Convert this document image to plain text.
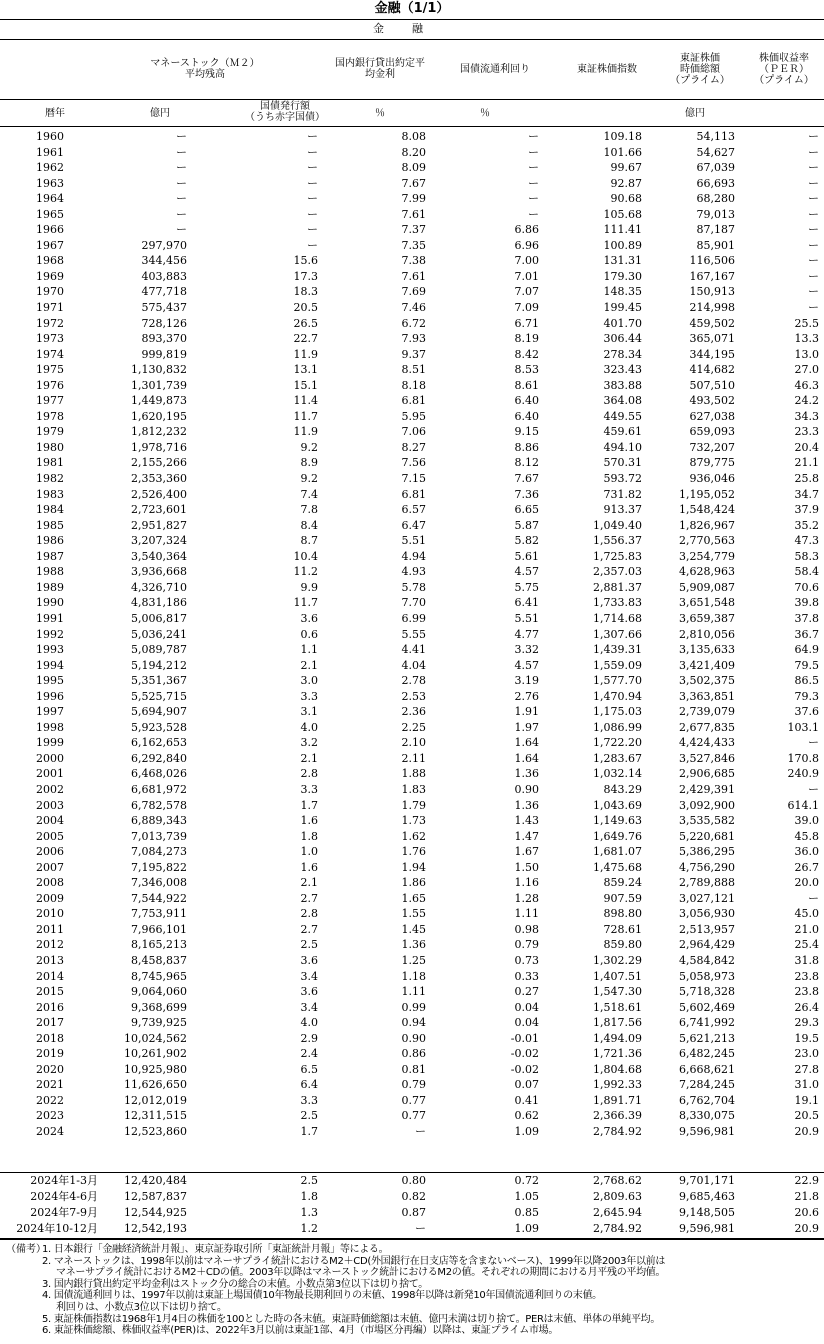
金融（1/1）
金融
マネーストック（Ｍ２）
平均残高
国内銀行貸出約定平
均金利	国債流通利回り	東証株価指数
東証株価
時価総額
（プライム）
株価収益率
（ＰＥＲ）
（プライム）
暦年	億円
国債発行額
（うち赤字国債）	％	％	億円
1960	ー	ー	8.08	ー	109.18	54,113	ー
1961	ー	ー	8.20	ー	101.66	54,627	ー
1962	ー	ー	8.09	ー	99.67	67,039	ー
1963	ー	ー	7.67	ー	92.87	66,693	ー
1964	ー	ー	7.99	ー	90.68	68,280	ー
1965	ー	ー	7.61	ー	105.68	79,013	ー
1966	ー	ー	7.37	6.86	111.41	87,187	ー
1967	297,970	ー	7.35	6.96	100.89	85,901	ー
1968	344,456	15.6	7.38	7.00	131.31	116,506	ー
1969	403,883	17.3	7.61	7.01	179.30	167,167	ー
1970	477,718	18.3	7.69	7.07	148.35	150,913	ー
1971	575,437	20.5	7.46	7.09	199.45	214,998	ー
1972	728,126	26.5	6.72	6.71	401.70	459,502	25.5
1973	893,370	22.7	7.93	8.19	306.44	365,071	13.3
1974	999,819	11.9	9.37	8.42	278.34	344,195	13.0
1975	1,130,832	13.1	8.51	8.53	323.43	414,682	27.0
1976	1,301,739	15.1	8.18	8.61	383.88	507,510	46.3
1977	1,449,873	11.4	6.81	6.40	364.08	493,502	24.2
1978	1,620,195	11.7	5.95	6.40	449.55	627,038	34.3
1979	1,812,232	11.9	7.06	9.15	459.61	659,093	23.3
1980	1,978,716	9.2	8.27	8.86	494.10	732,207	20.4
1981	2,155,266	8.9	7.56	8.12	570.31	879,775	21.1
1982	2,353,360	9.2	7.15	7.67	593.72	936,046	25.8
1983	2,526,400	7.4	6.81	7.36	731.82	1,195,052	34.7
1984	2,723,601	7.8	6.57	6.65	913.37	1,548,424	37.9
1985	2,951,827	8.4	6.47	5.87	1,049.40	1,826,967	35.2
1986	3,207,324	8.7	5.51	5.82	1,556.37	2,770,563	47.3
1987	3,540,364	10.4	4.94	5.61	1,725.83	3,254,779	58.3
1988	3,936,668	11.2	4.93	4.57	2,357.03	4,628,963	58.4
1989	4,326,710	9.9	5.78	5.75	2,881.37	5,909,087	70.6
1990	4,831,186	11.7	7.70	6.41	1,733.83	3,651,548	39.8
1991	5,006,817	3.6	6.99	5.51	1,714.68	3,659,387	37.8
1992	5,036,241	0.6	5.55	4.77	1,307.66	2,810,056	36.7
1993	5,089,787	1.1	4.41	3.32	1,439.31	3,135,633	64.9
1994	5,194,212	2.1	4.04	4.57	1,559.09	3,421,409	79.5
1995	5,351,367	3.0	2.78	3.19	1,577.70	3,502,375	86.5
1996	5,525,715	3.3	2.53	2.76	1,470.94	3,363,851	79.3
1997	5,694,907	3.1	2.36	1.91	1,175.03	2,739,079	37.6
1998	5,923,528	4.0	2.25	1.97	1,086.99	2,677,835	103.1
1999	6,162,653	3.2	2.10	1.64	1,722.20	4,424,433	ー
2000	6,292,840	2.1	2.11	1.64	1,283.67	3,527,846	170.8
2001	6,468,026	2.8	1.88	1.36	1,032.14	2,906,685	240.9
2002	6,681,972	3.3	1.83	0.90	843.29	2,429,391	ー
2003	6,782,578	1.7	1.79	1.36	1,043.69	3,092,900	614.1
2004	6,889,343	1.6	1.73	1.43	1,149.63	3,535,582	39.0
2005	7,013,739	1.8	1.62	1.47	1,649.76	5,220,681	45.8
2006	7,084,273	1.0	1.76	1.67	1,681.07	5,386,295	36.0
2007	7,195,822	1.6	1.94	1.50	1,475.68	4,756,290	26.7
2008	7,346,008	2.1	1.86	1.16	859.24	2,789,888	20.0
2009	7,544,922	2.7	1.65	1.28	907.59	3,027,121	ー
2010	7,753,911	2.8	1.55	1.11	898.80	3,056,930	45.0
2011	7,966,101	2.7	1.45	0.98	728.61	2,513,957	21.0
2012	8,165,213	2.5	1.36	0.79	859.80	2,964,429	25.4
2013	8,458,837	3.6	1.25	0.73	1,302.29	4,584,842	31.8
2014	8,745,965	3.4	1.18	0.33	1,407.51	5,058,973	23.8
2015	9,064,060	3.6	1.11	0.27	1,547.30	5,718,328	23.8
2016	9,368,699	3.4	0.99	0.04	1,518.61	5,602,469	26.4
2017	9,739,925	4.0	0.94	0.04	1,817.56	6,741,992	29.3
2018	10,024,562	2.9	0.90	-0.01	1,494.09	5,621,213	19.5
2019	10,261,902	2.4	0.86	-0.02	1,721.36	6,482,245	23.0
2020	10,925,980	6.5	0.81	-0.02	1,804.68	6,668,621	27.8
2021	11,626,650	6.4	0.79	0.07	1,992.33	7,284,245	31.0
2022	12,012,019	3.3	0.77	0.41	1,891.71	6,762,704	19.1
2023	12,311,515	2.5	0.77	0.62	2,366.39	8,330,075	20.5
2024	12,523,860	1.7	ー	1.09	2,784.92	9,596,981	20.9
2024年1-3月 12,420,484	2.5	0.80	0.72	2,768.62	9,701,171	22.9
2024年4-6月 12,587,837	1.8	0.82	1.05	2,809.63	9,685,463	21.8
2024年7-9月 12,544,925	1.3	0.87	0.85	2,645.94	9,148,505	20.6
2024年10-12月 12,542,193	1.2	ー	1.09	2,784.92	9,596,981	20.9
（備考）
1. 日本銀行「金融経済統計月報」、東京証券取引所「東証統計月報」等による。
2. マネーストックは、1998年以前はマネーサプライ統計におけるM2＋CD(外国銀行在日支店等を含まないベース)、1999年以降2003年以前は
マネーサプライ統計におけるM2＋CDの値。2003年以降はマネーストック統計におけるM2の値。それぞれの期間における月平残の平均値。
3. 国内銀行貸出約定平均金利はストック分の総合の末値。小数点第3位以下は切り捨て。
4. 国債流通利回りは、1997年以前は東証上場国債10年物最長期利回りの末値、1998年以降は新発10年国債流通利回りの末値。
利回りは、小数点3位以下は切り捨て。
5. 東証株価指数は1968年1月4日の株価を100とした時の各末値。東証時価総額は末値、億円未満は切り捨て。PERは末値、単体の単純平均。
6. 東証株価総額、株価収益率(PER)は、2022年3月以前は東証1部、4月（市場区分再編）以降は、東証プライム市場。
